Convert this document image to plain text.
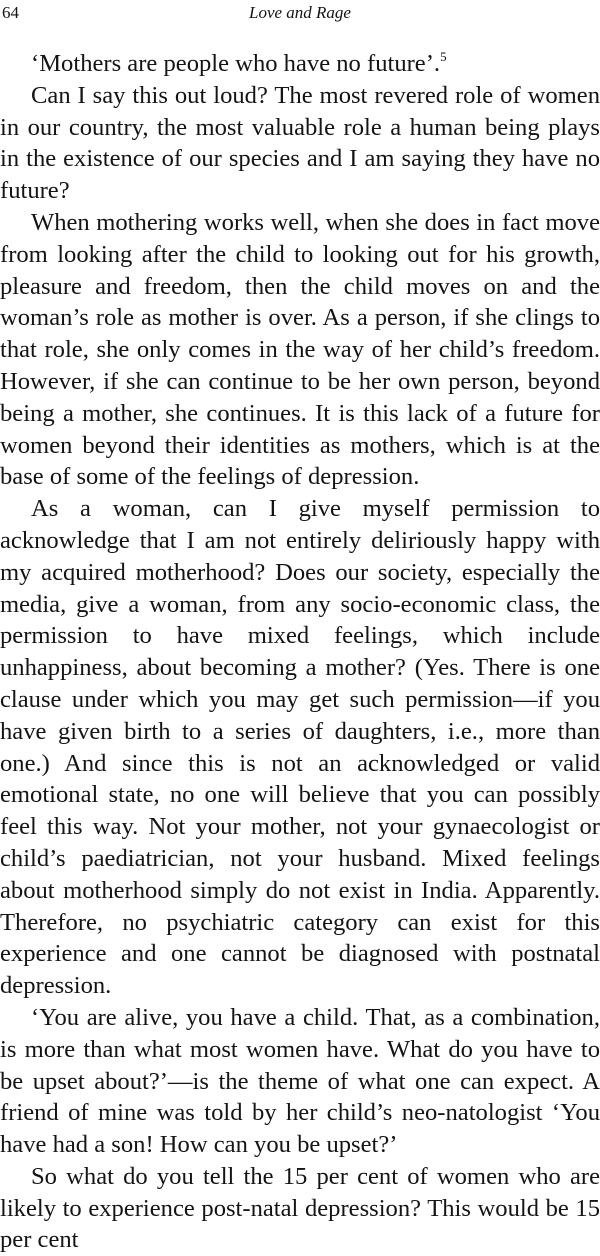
64	Love and Rage

‘Mothers are people who have no future’.$^5$

Can I say this out loud? The most revered role of women in our country, the most valuable role a human being plays in the existence of our species and I am saying they have no future?

When mothering works well, when she does in fact move from looking after the child to looking out for his growth, pleasure and freedom, then the child moves on and the woman’s role as mother is over. As a person, if she clings to that role, she only comes in the way of her child’s freedom. However, if she can continue to be her own person, beyond being a mother, she continues. It is this lack of a future for women beyond their identities as mothers, which is at the base of some of the feelings of depression.

As a woman, can I give myself permission to acknowledge that I am not entirely deliriously happy with my acquired motherhood? Does our society, especially the media, give a woman, from any socio-economic class, the permission to have mixed feelings, which include unhappiness, about becoming a mother? (Yes. There is one clause under which you may get such permission—if you have given birth to a series of daughters, i.e., more than one.) And since this is not an acknowledged or valid emotional state, no one will believe that you can possibly feel this way. Not your mother, not your gynaecologist or child’s paediatrician, not your husband. Mixed feelings about motherhood simply do not exist in India. Apparently. Therefore, no psychiatric category can exist for this experience and one cannot be diagnosed with postnatal depression.

‘You are alive, you have a child. That, as a combination, is more than what most women have. What do you have to be upset about?’—is the theme of what one can expect. A friend of mine was told by her child’s neo-natologist ‘You have had a son! How can you be upset?’

So what do you tell the 15 per cent of women who are likely to experience post-natal depression? This would be 15 per cent
